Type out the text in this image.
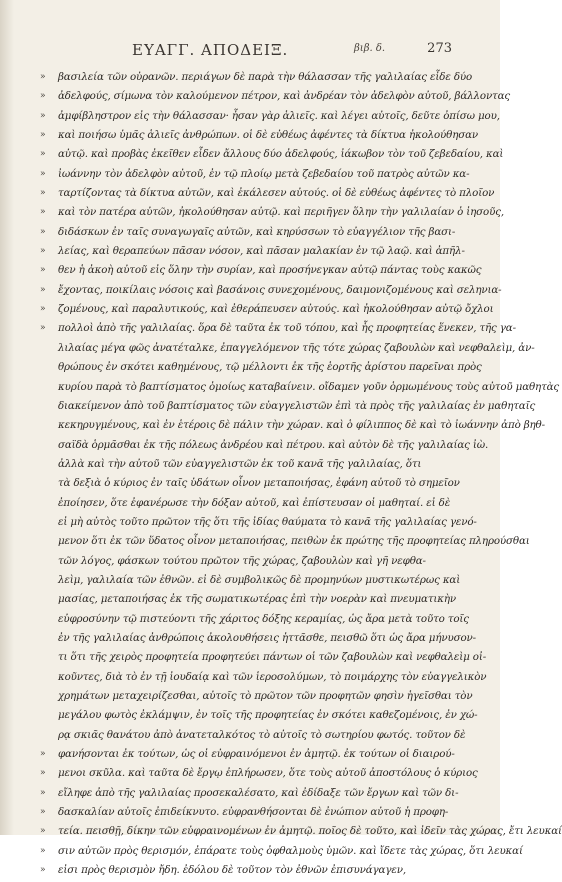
ΕΥΑΓΓ. ΑΠΟΔΕΙΞ.	βιβ. δ.	273
» βασιλεία τῶν οὐρανῶν. περιάγων δὲ παρὰ τὴν θάλασσαν τῆς γαλιλαίας εἶδε δύο
» ἀδελφούς, σίμωνα τὸν καλούμενον πέτρον, καὶ ἀνδρέαν τὸν ἀδελφὸν αὐτοῦ, βάλλοντας
» ἀμφίβληστρον εἰς τὴν θάλασσαν· ἦσαν γὰρ ἁλιεῖς. καὶ λέγει αὐτοῖς, δεῦτε ὀπίσω μου,
» καὶ ποιήσω ὑμᾶς ἁλιεῖς ἀνθρώπων. οἱ δὲ εὐθέως ἀφέντες τὰ δίκτυα ἠκολούθησαν
» αὐτῷ. καὶ προβὰς ἐκεῖθεν εἶδεν ἄλλους δύο ἀδελφούς, ἰάκωβον τὸν τοῦ ζεβεδαίου, καὶ
» ἰωάννην τὸν ἀδελφὸν αὐτοῦ, ἐν τῷ πλοίῳ μετὰ ζεβεδαίου τοῦ πατρὸς αὐτῶν κα-
» ταρτίζοντας τὰ δίκτυα αὐτῶν, καὶ ἐκάλεσεν αὐτούς. οἱ δὲ εὐθέως ἀφέντες τὸ πλοῖον
» καὶ τὸν πατέρα αὐτῶν, ἠκολούθησαν αὐτῷ. καὶ περιῆγεν ὅλην τὴν γαλιλαίαν ὁ ἰησοῦς,
» διδάσκων ἐν ταῖς συναγωγαῖς αὐτῶν, καὶ κηρύσσων τὸ εὐαγγέλιον τῆς βασι-
» λείας, καὶ θεραπεύων πᾶσαν νόσον, καὶ πᾶσαν μαλακίαν ἐν τῷ λαῷ. καὶ ἀπῆλ-
» θεν ἡ ἀκοὴ αὐτοῦ εἰς ὅλην τὴν συρίαν, καὶ προσήνεγκαν αὐτῷ πάντας τοὺς κακῶς
» ἔχοντας, ποικίλαις νόσοις καὶ βασάνοις συνεχομένους, δαιμονιζομένους καὶ σεληνια-
» ζομένους, καὶ παραλυτικούς, καὶ ἐθεράπευσεν αὐτούς. καὶ ἠκολούθησαν αὐτῷ ὄχλοι
» πολλοὶ ἀπὸ τῆς γαλιλαίας. ὅρα δὲ ταῦτα ἐκ τοῦ τόπου, καὶ ἧς προφητείας ἕνεκεν, τῆς γα-
λιλαίας μέγα φῶς ἀνατέταλκε, ἐπαγγελόμενον τῆς τότε χώρας ζαβουλὼν καὶ νεφθαλεὶμ, ἀν-
θρώπους ἐν σκότει καθημένους, τῷ μέλλοντι ἐκ τῆς ἑορτῆς ἀρίστου παρεῖναι πρὸς
κυρίου παρὰ τὸ βαπτίσματος ὁμοίως καταβαίνειν. οἴδαμεν γοῦν ὁρμωμένους τοὺς αὐτοῦ μαθητὰς
διακείμενον ἀπὸ τοῦ βαπτίσματος τῶν εὐαγγελιστῶν ἐπὶ τὰ πρὸς τῆς γαλιλαίας ἐν μαθηταῖς
κεκηρυγμένους, καὶ ἐν ἑτέροις δὲ πάλιν τὴν χώραν. καὶ ὁ φίλιππος δὲ καὶ τὸ ἰωάννην ἀπὸ βηθ-
σαϊδὰ ὁρμᾶσθαι ἐκ τῆς πόλεως ἀνδρέου καὶ πέτρου. καὶ αὐτὸν δὲ τῆς γαλιλαίας ἰὼ.
ἀλλὰ καὶ τὴν αὐτοῦ τῶν εὐαγγελιστῶν ἐκ τοῦ κανᾶ τῆς γαλιλαίας, ὅτι
τὰ δεξιὰ ὁ κύριος ἐν ταῖς ὑδάτων οἶνον μεταποιήσας, ἐφάνη αὐτοῦ τὸ σημεῖον
ἐποίησεν, ὅτε ἐφανέρωσε τὴν δόξαν αὐτοῦ, καὶ ἐπίστευσαν οἱ μαθηταί. εἰ δὲ
εἰ μὴ αὐτὸς τοῦτο πρῶτον τῆς ὅτι τῆς ἰδίας θαύματα τὸ κανᾶ τῆς γαλιλαίας γενό-
μενον ὅτι ἐκ τῶν ὕδατος οἶνον μεταποιήσας, πειθὼν ἐκ πρώτης τῆς προφητείας πληρούσθαι
τῶν λόγος, φάσκων τούτου πρῶτον τῆς χώρας, ζαβουλὼν καὶ γῆ νεφθα-
λεὶμ, γαλιλαία τῶν ἐθνῶν. εἰ δὲ συμβολικῶς δὲ προμηνύων μυστικωτέρως καὶ
μασίας, μεταποιήσας ἐκ τῆς σωματικωτέρας ἐπὶ τὴν νοερὰν καὶ πνευματικὴν
εὐφροσύνην τῷ πιστεύοντι τῆς χάριτος δόξης κεραμίας, ὡς ἄρα μετὰ τοῦτο τοῖς
ἐν τῆς γαλιλαίας ἀνθρώποις ἀκολουθήσεις ἡττᾶσθε, πεισθῶ ὅτι ὡς ἄρα μήνυσον-
τι ὅτι τῆς χειρὸς προφητεία προφητεύει πάντων οἱ τῶν ζαβουλὼν καὶ νεφθαλεὶμ οἰ-
κοῦντες, διὰ τὸ ἐν τῇ ἰουδαίᾳ καὶ τῶν ἱεροσολύμων, τὸ ποιμάρχης τὸν εὐαγγελικὸν
χρημάτων μεταχειρίζεσθαι, αὐτοῖς τὸ πρῶτον τῶν προφητῶν φησὶν ἡγεῖσθαι τὸν
μεγάλου φωτὸς ἐκλάμψιν, ἐν τοῖς τῆς προφητείας ἐν σκότει καθεζομένοις, ἐν χώ-
ρᾳ σκιᾶς θανάτου ἀπὸ ἀνατεταλκότος τὸ αὐτοῖς τὸ σωτηρίου φωτός. τοῦτον δὲ
» φανήσονται ἐκ τούτων, ὡς οἱ εὐφραινόμενοι ἐν ἀμητῷ. ἐκ τούτων οἱ διαιρού-
» μενοι σκῦλα. καὶ ταῦτα δὲ ἔργῳ ἐπλήρωσεν, ὅτε τοὺς αὐτοῦ ἀποστόλους ὁ κύριος
» εἴληφε ἀπὸ τῆς γαλιλαίας προσεκαλέσατο, καὶ ἐδίδαξε τῶν ἔργων καὶ τῶν δι-
» δασκαλίαν αὐτοῖς ἐπιδείκνυτο. εὐφρανθήσονται δὲ ἐνώπιον αὐτοῦ ἡ προφη-
» τεία. πεισθῇ, δίκην τῶν εὐφραινομένων ἐν ἀμητῷ. ποῖος δὲ τοῦτο, καὶ ἰδεῖν τὰς χώρας, ἔτι λευκαί
» σιν αὐτῶν πρὸς θερισμόν, ἐπάρατε τοὺς ὀφθαλμοὺς ὑμῶν. καὶ ἴδετε τὰς χώρας, ὅτι λευκαί
» εἰσι πρὸς θερισμὸν ἤδη. ἐδόλου δὲ τοῦτον τὸν ἐθνῶν ἐπισυνάγαγεν,
